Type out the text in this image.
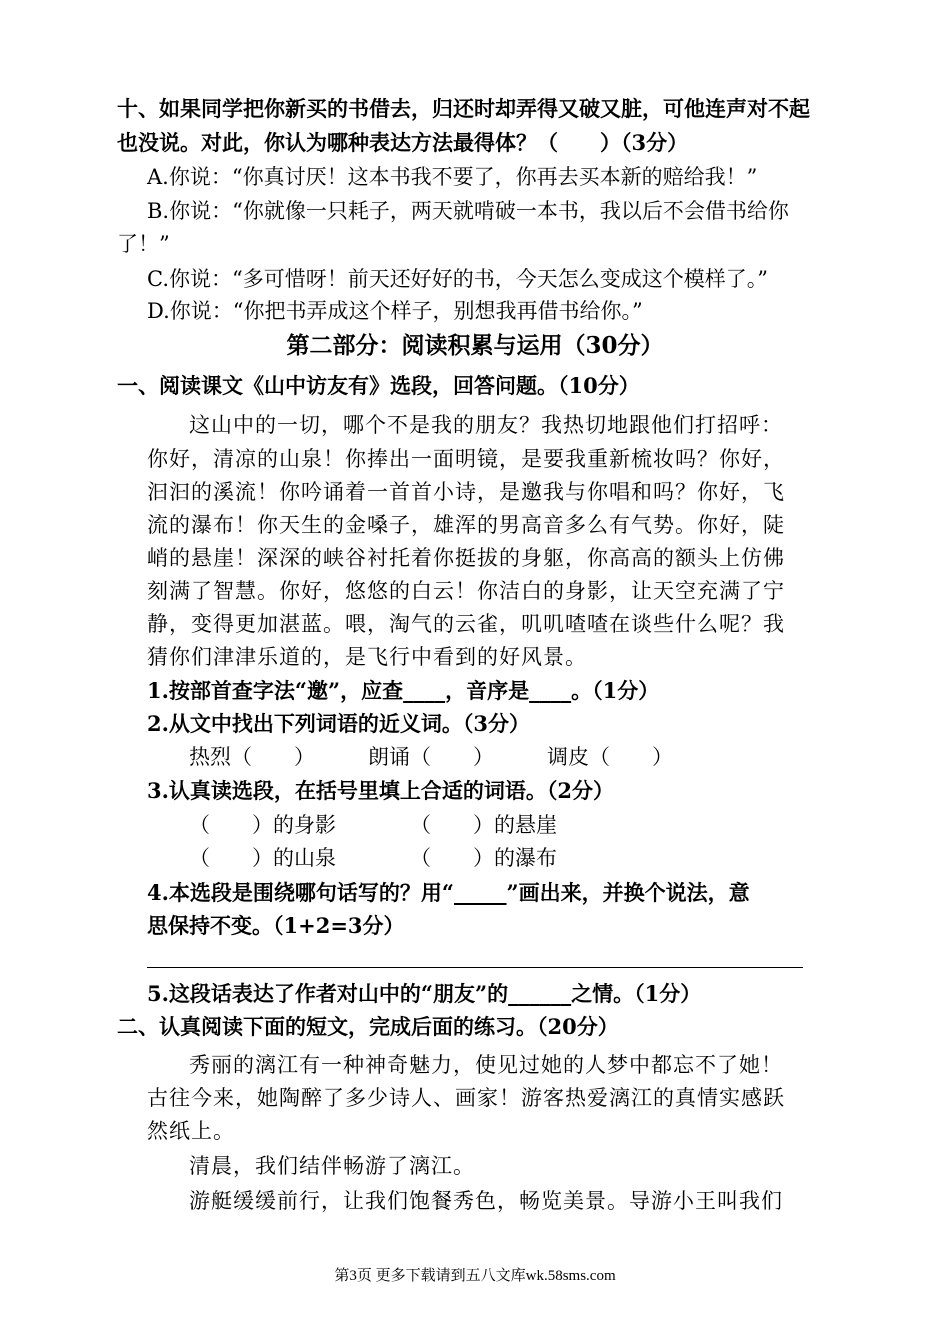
十、如果同学把你新买的书借去，归还时却弄得又破又脏，可他连声对不起
也没说。对此，你认为哪种表达方法最得体？（　　）（3分）
A.你说：“你真讨厌！这本书我不要了，你再去买本新的赔给我！”
B.你说：“你就像一只耗子，两天就啃破一本书，我以后不会借书给你
了！”
C.你说：“多可惜呀！前天还好好的书，今天怎么变成这个模样了。”
D.你说：“你把书弄成这个样子，别想我再借书给你。”
第二部分：阅读积累与运用（30分）
一、阅读课文《山中访友有》选段，回答问题。（10分）
这山中的一切，哪个不是我的朋友？我热切地跟他们打招呼：
你好，清凉的山泉！你捧出一面明镜，是要我重新梳妆吗？你好，
汩汩的溪流！你吟诵着一首首小诗，是邀我与你唱和吗？你好，飞
流的瀑布！你天生的金嗓子，雄浑的男高音多么有气势。你好，陡
峭的悬崖！深深的峡谷衬托着你挺拔的身躯，你高高的额头上仿佛
刻满了智慧。你好，悠悠的白云！你洁白的身影，让天空充满了宁
静，变得更加湛蓝。喂，淘气的云雀，叽叽喳喳在谈些什么呢？我
猜你们津津乐道的，是飞行中看到的好风景。
1.按部首查字法“邀”，应查____，音序是____。（1分）
2.从文中找出下列词语的近义词。（3分）
热烈（　　）	朗诵（　　）	调皮（　　）
3.认真读选段，在括号里填上合适的词语。（2分）
（　　）的身影	（　　）的悬崖
（　　）的山泉	（　　）的瀑布
4.本选段是围绕哪句话写的？用“_____”画出来，并换个说法，意
思保持不变。（1+2=3分）
5.这段话表达了作者对山中的“朋友”的______之情。（1分）
二、认真阅读下面的短文，完成后面的练习。（20分）
秀丽的漓江有一种神奇魅力，使见过她的人梦中都忘不了她！
古往今来，她陶醉了多少诗人、画家！游客热爱漓江的真情实感跃
然纸上。
清晨，我们结伴畅游了漓江。
游艇缓缓前行，让我们饱餐秀色，畅览美景。导游小王叫我们
第3页 更多下载请到五八文库wk.58sms.com
